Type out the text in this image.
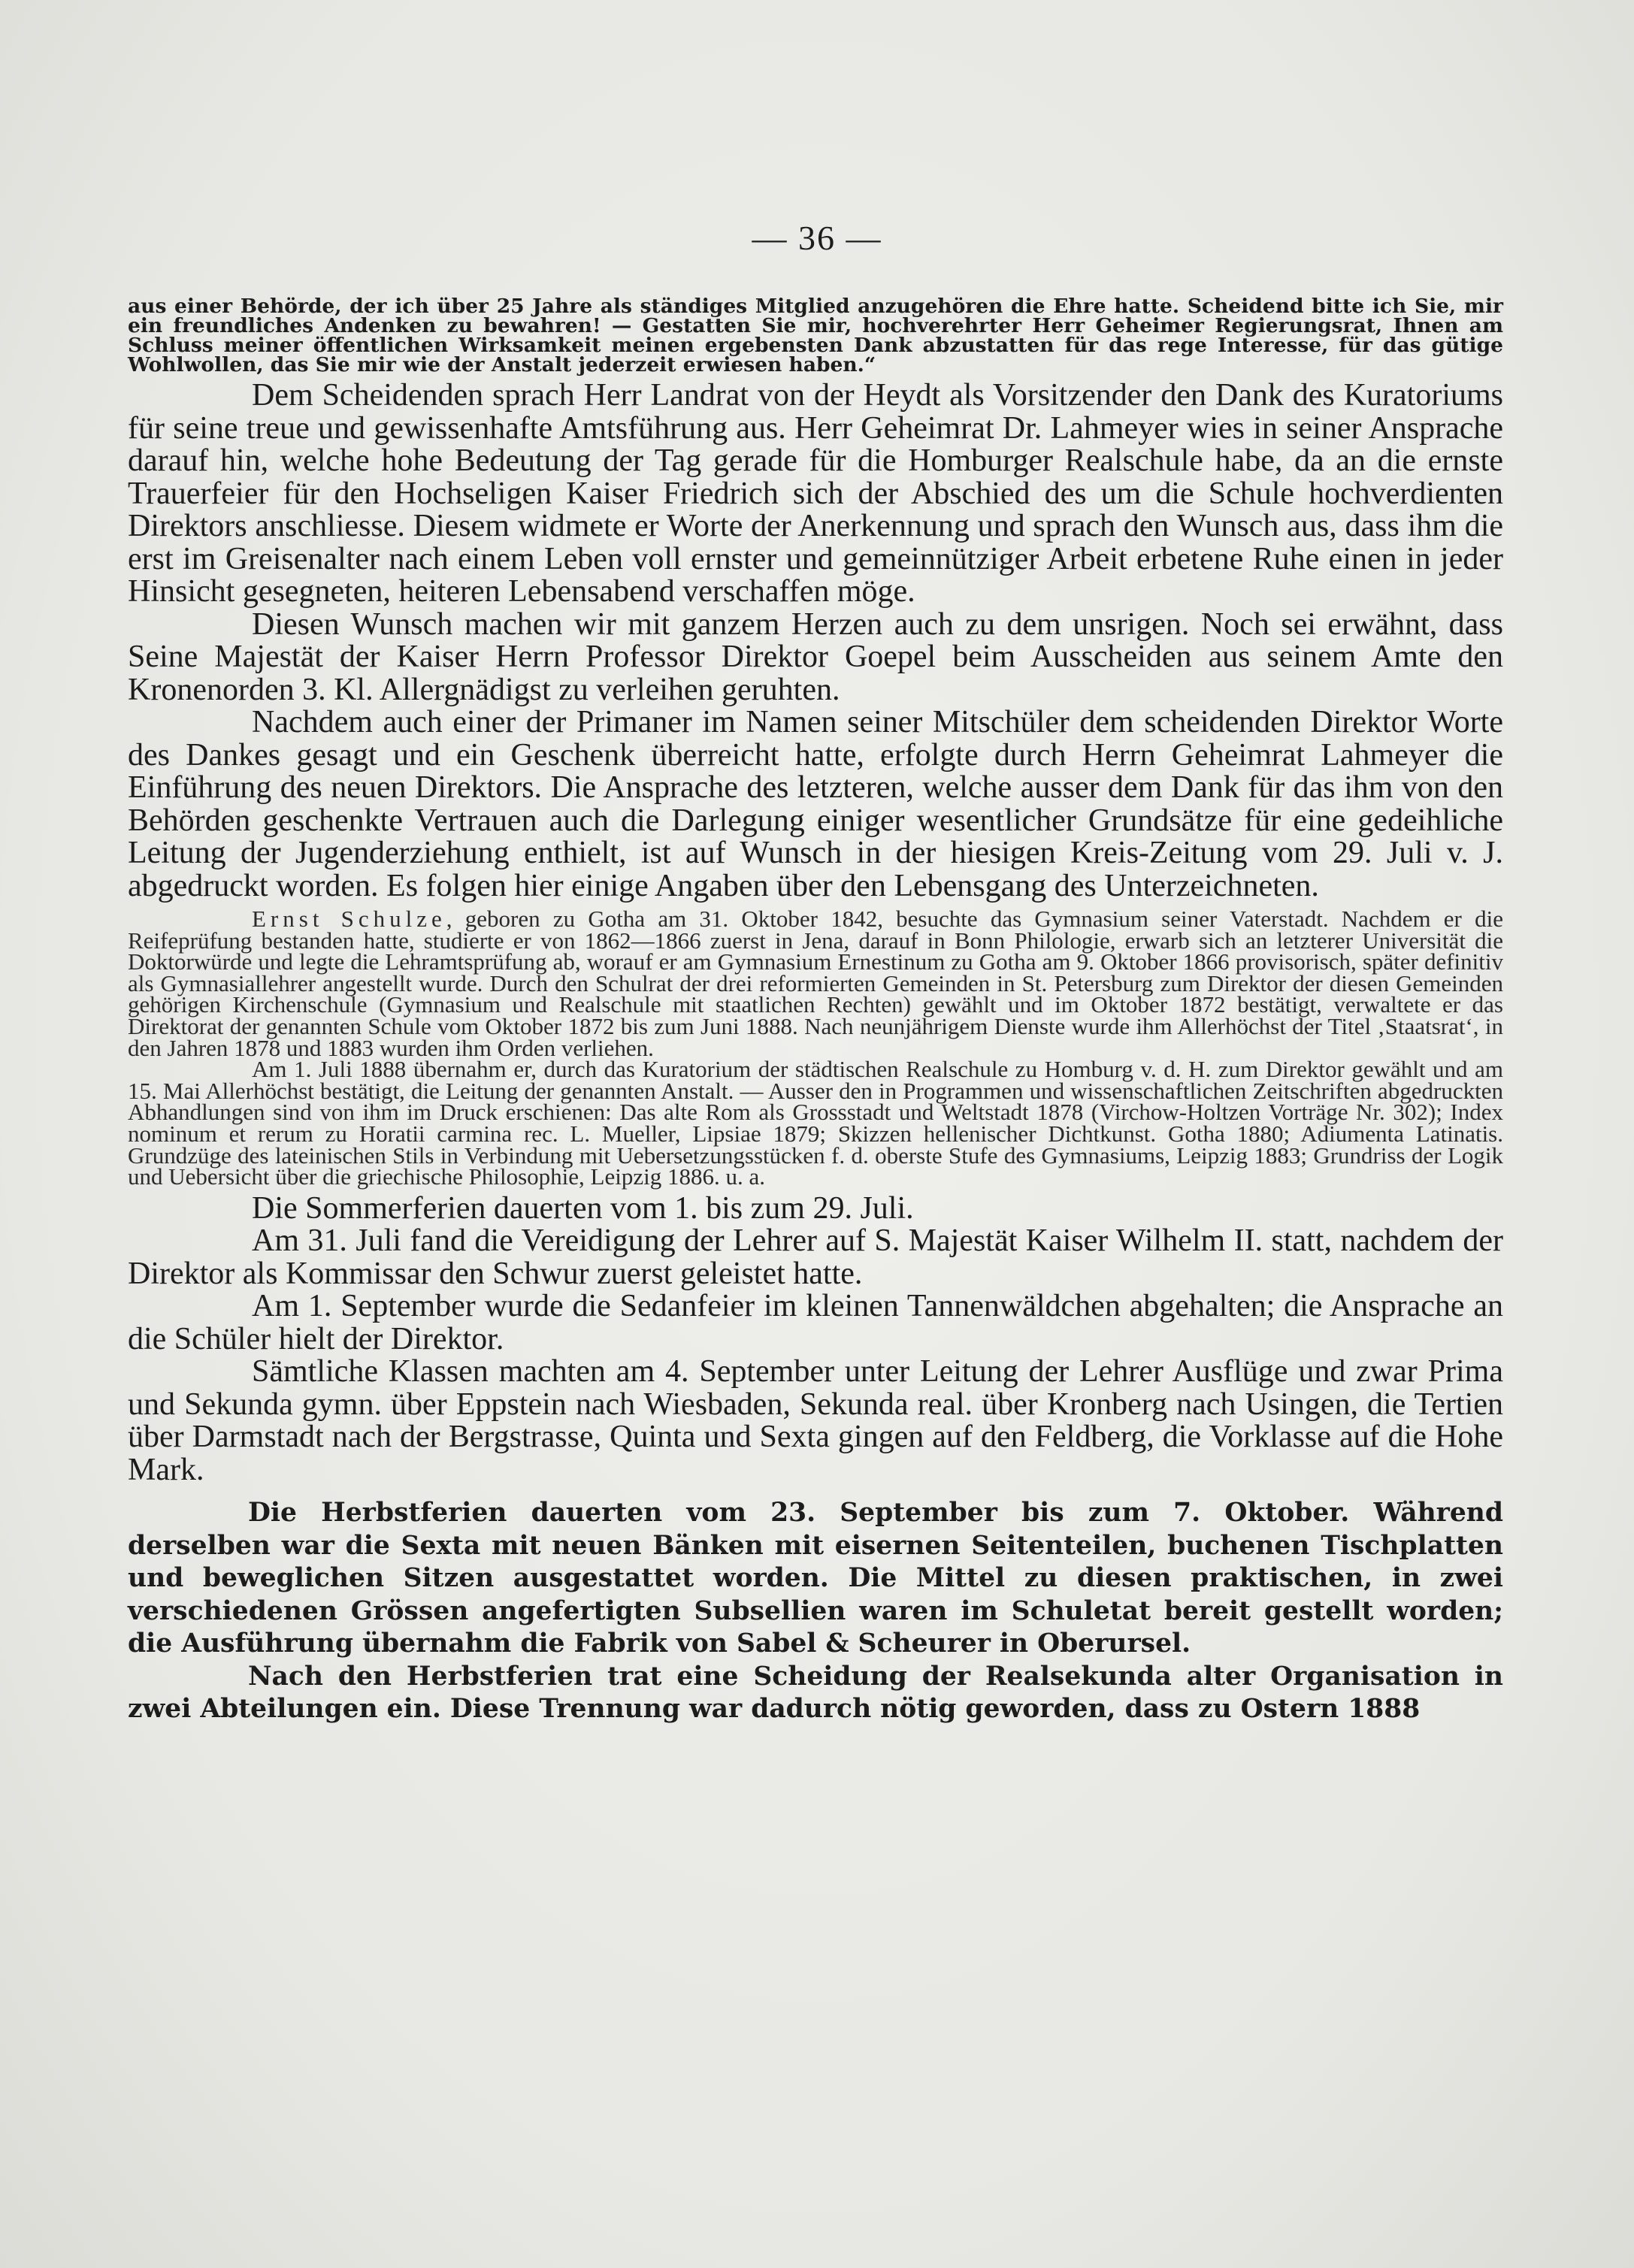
— 36 —

aus einer Behörde, der ich über 25 Jahre als ständiges Mitglied anzugehören die Ehre hatte. Scheidend bitte ich Sie, mir ein freundliches Andenken zu bewahren! — Gestatten Sie mir, hochverehrter Herr Geheimer Regierungsrat, Ihnen am Schluss meiner öffentlichen Wirksamkeit meinen ergebensten Dank abzustatten für das rege Interesse, für das gütige Wohlwollen, das Sie mir wie der Anstalt jederzeit erwiesen haben.“

Dem Scheidenden sprach Herr Landrat von der Heydt als Vorsitzender den Dank des Kuratoriums für seine treue und gewissenhafte Amtsführung aus. Herr Geheimrat Dr. Lahmeyer wies in seiner Ansprache darauf hin, welche hohe Bedeutung der Tag gerade für die Homburger Realschule habe, da an die ernste Trauerfeier für den Hochseligen Kaiser Friedrich sich der Abschied des um die Schule hochverdienten Direktors anschliesse. Diesem widmete er Worte der Anerkennung und sprach den Wunsch aus, dass ihm die erst im Greisenalter nach einem Leben voll ernster und gemeinnütziger Arbeit erbetene Ruhe einen in jeder Hinsicht gesegneten, heiteren Lebensabend verschaffen möge.

Diesen Wunsch machen wir mit ganzem Herzen auch zu dem unsrigen. Noch sei erwähnt, dass Seine Majestät der Kaiser Herrn Professor Direktor Goepel beim Ausscheiden aus seinem Amte den Kronenorden 3. Kl. Allergnädigst zu verleihen geruhten.

Nachdem auch einer der Primaner im Namen seiner Mitschüler dem scheidenden Direktor Worte des Dankes gesagt und ein Geschenk überreicht hatte, erfolgte durch Herrn Geheimrat Lahmeyer die Einführung des neuen Direktors. Die Ansprache des letzteren, welche ausser dem Dank für das ihm von den Behörden geschenkte Vertrauen auch die Darlegung einiger wesentlicher Grundsätze für eine gedeihliche Leitung der Jugenderziehung enthielt, ist auf Wunsch in der hiesigen Kreis-Zeitung vom 29. Juli v. J. abgedruckt worden. Es folgen hier einige Angaben über den Lebensgang des Unterzeichneten.

Ernst Schulze, geboren zu Gotha am 31. Oktober 1842, besuchte das Gymnasium seiner Vaterstadt. Nachdem er die Reifeprüfung bestanden hatte, studierte er von 1862—1866 zuerst in Jena, darauf in Bonn Philologie, erwarb sich an letzterer Universität die Doktorwürde und legte die Lehramtsprüfung ab, worauf er am Gymnasium Ernestinum zu Gotha am 9. Oktober 1866 provisorisch, später definitiv als Gymnasiallehrer angestellt wurde. Durch den Schulrat der drei reformierten Gemeinden in St. Petersburg zum Direktor der diesen Gemeinden gehörigen Kirchenschule (Gymnasium und Realschule mit staatlichen Rechten) gewählt und im Oktober 1872 bestätigt, verwaltete er das Direktorat der genannten Schule vom Oktober 1872 bis zum Juni 1888. Nach neunjährigem Dienste wurde ihm Allerhöchst der Titel ‚Staatsrat‘, in den Jahren 1878 und 1883 wurden ihm Orden verliehen.

Am 1. Juli 1888 übernahm er, durch das Kuratorium der städtischen Realschule zu Homburg v. d. H. zum Direktor gewählt und am 15. Mai Allerhöchst bestätigt, die Leitung der genannten Anstalt. — Ausser den in Programmen und wissenschaftlichen Zeitschriften abgedruckten Abhandlungen sind von ihm im Druck erschienen: Das alte Rom als Grossstadt und Weltstadt 1878 (Virchow-Holtzen Vorträge Nr. 302); Index nominum et rerum zu Horatii carmina rec. L. Mueller, Lipsiae 1879; Skizzen hellenischer Dichtkunst. Gotha 1880; Adiumenta Latinatis. Grundzüge des lateinischen Stils in Verbindung mit Uebersetzungsstücken f. d. oberste Stufe des Gymnasiums, Leipzig 1883; Grundriss der Logik und Uebersicht über die griechische Philosophie, Leipzig 1886. u. a.

Die Sommerferien dauerten vom 1. bis zum 29. Juli.

Am 31. Juli fand die Vereidigung der Lehrer auf S. Majestät Kaiser Wilhelm II. statt, nachdem der Direktor als Kommissar den Schwur zuerst geleistet hatte.

Am 1. September wurde die Sedanfeier im kleinen Tannenwäldchen abgehalten; die Ansprache an die Schüler hielt der Direktor.

Sämtliche Klassen machten am 4. September unter Leitung der Lehrer Ausflüge und zwar Prima und Sekunda gymn. über Eppstein nach Wiesbaden, Sekunda real. über Kronberg nach Usingen, die Tertien über Darmstadt nach der Bergstrasse, Quinta und Sexta gingen auf den Feldberg, die Vorklasse auf die Hohe Mark.

Die Herbstferien dauerten vom 23. September bis zum 7. Oktober. Während derselben war die Sexta mit neuen Bänken mit eisernen Seitenteilen, buchenen Tischplatten und beweglichen Sitzen ausgestattet worden. Die Mittel zu diesen praktischen, in zwei verschiedenen Grössen angefertigten Subsellien waren im Schuletat bereit gestellt worden; die Ausführung übernahm die Fabrik von Sabel & Scheurer in Oberursel.

Nach den Herbstferien trat eine Scheidung der Realsekunda alter Organisation in zwei Abteilungen ein. Diese Trennung war dadurch nötig geworden, dass zu Ostern 1888
